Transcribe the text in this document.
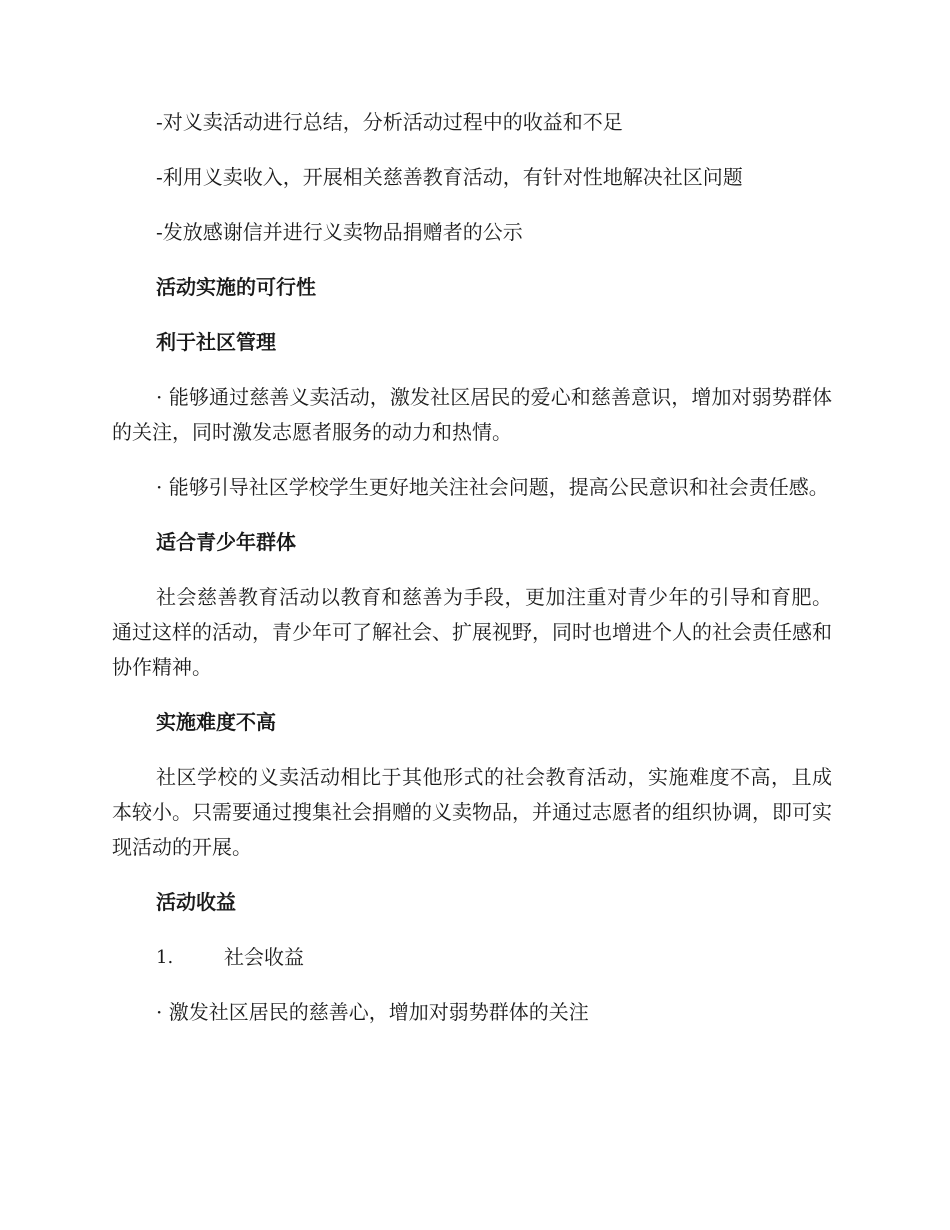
-对义卖活动进行总结，分析活动过程中的收益和不足

-利用义卖收入，开展相关慈善教育活动，有针对性地解决社区问题

-发放感谢信并进行义卖物品捐赠者的公示

活动实施的可行性

利于社区管理

· 能够通过慈善义卖活动，激发社区居民的爱心和慈善意识，增加对弱势群体的关注，同时激发志愿者服务的动力和热情。

· 能够引导社区学校学生更好地关注社会问题，提高公民意识和社会责任感。

适合青少年群体

社会慈善教育活动以教育和慈善为手段，更加注重对青少年的引导和育肥。通过这样的活动，青少年可了解社会、扩展视野，同时也增进个人的社会责任感和协作精神。

实施难度不高

社区学校的义卖活动相比于其他形式的社会教育活动，实施难度不高，且成本较小。只需要通过搜集社会捐赠的义卖物品，并通过志愿者的组织协调，即可实现活动的开展。

活动收益

1.	社会收益

· 激发社区居民的慈善心，增加对弱势群体的关注
